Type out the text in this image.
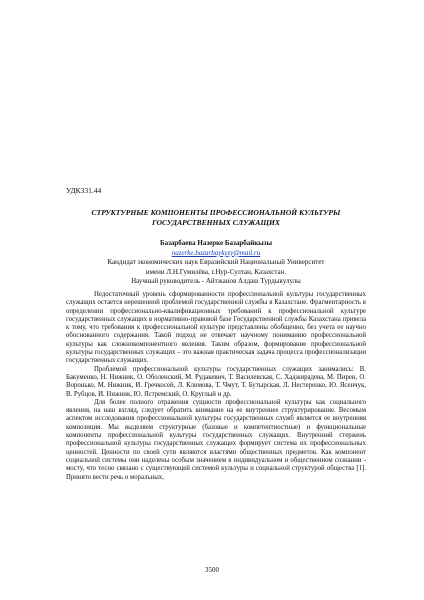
УДК331.44
СТРУКТУРНЫЕ КОМПОНЕНТЫ ПРОФЕССИОНАЛЬНОЙ КУЛЬТУРЫ
ГОСУДАРСТВЕННЫХ СЛУЖАЩИХ
Базарбаева Назерке Базарбайкызы
nazerke.bazarbaykyzy@mail.ru
Кандидат экономических наук Евразийский Национальный Университет
имени Л.Н.Гумилёва, г.Нур-Султан, Казахстан.
Научный руководитель - Айтжанов Алдаш Турдыкулулы

Недостаточный уровень сформированности профессиональной культуры государственных служащих остается нерешенной проблемой государственной службы в Казахстане. Фрагментарность в определении профессионально-квалификационных требований к профессиональной культуре государственных служащих в нормативно-правовой базе Государственной службы Казахстана привела к тому, что требования к профессиональной культуре представлены обобщенно, без учета ее научно обоснованного содержания. Такой подход не отвечает научному пониманию профессиональной культуры как сложнокомпонентного явления. Таким образом, формирование профессиональной культуры государственных служащих – это важная практическая задача процесса профессионализации государственных служащих.

Проблемой профессиональной культуры государственных служащих занимались: В. Бакуменко, Н. Нижник, О. Оболенский, М. Рудакевич, Т. Василевская, С. Хаджирадева, М. Пирен, О. Воронько, М. Нижник, И. Гречкосей, Л. Климова, Т. Чмут, Т. Бутырская, Л. Нестеренко, Ю. Ясенчук, В. Рубцов, И. Нижник, Ю. Ястремский, О. Круглый и др.

Для более полного отражения сущности профессиональной культуры как социального явления, на наш взгляд, следует обратить внимание на ее внутреннее структурирование. Весомым аспектом исследования профессиональной культуры государственных служб является ее внутренняя композиция. Мы выделяем структурные (базовые и компетентностные) и функциональные компоненты профессиональной культуры государственных служащих. Внутренний стержень профессиональной культуры государственных служащих формирует система их профессиональных ценностей. Ценности по своей сути являются властями общественных предметов. Как компонент социальной системы они наделены особым значением в индивидуальном и общественном сознании - мосту, что тесно связано с существующей системой культуры и социальной структурой общества [1]. Принято вести речь о моральных,

3500
